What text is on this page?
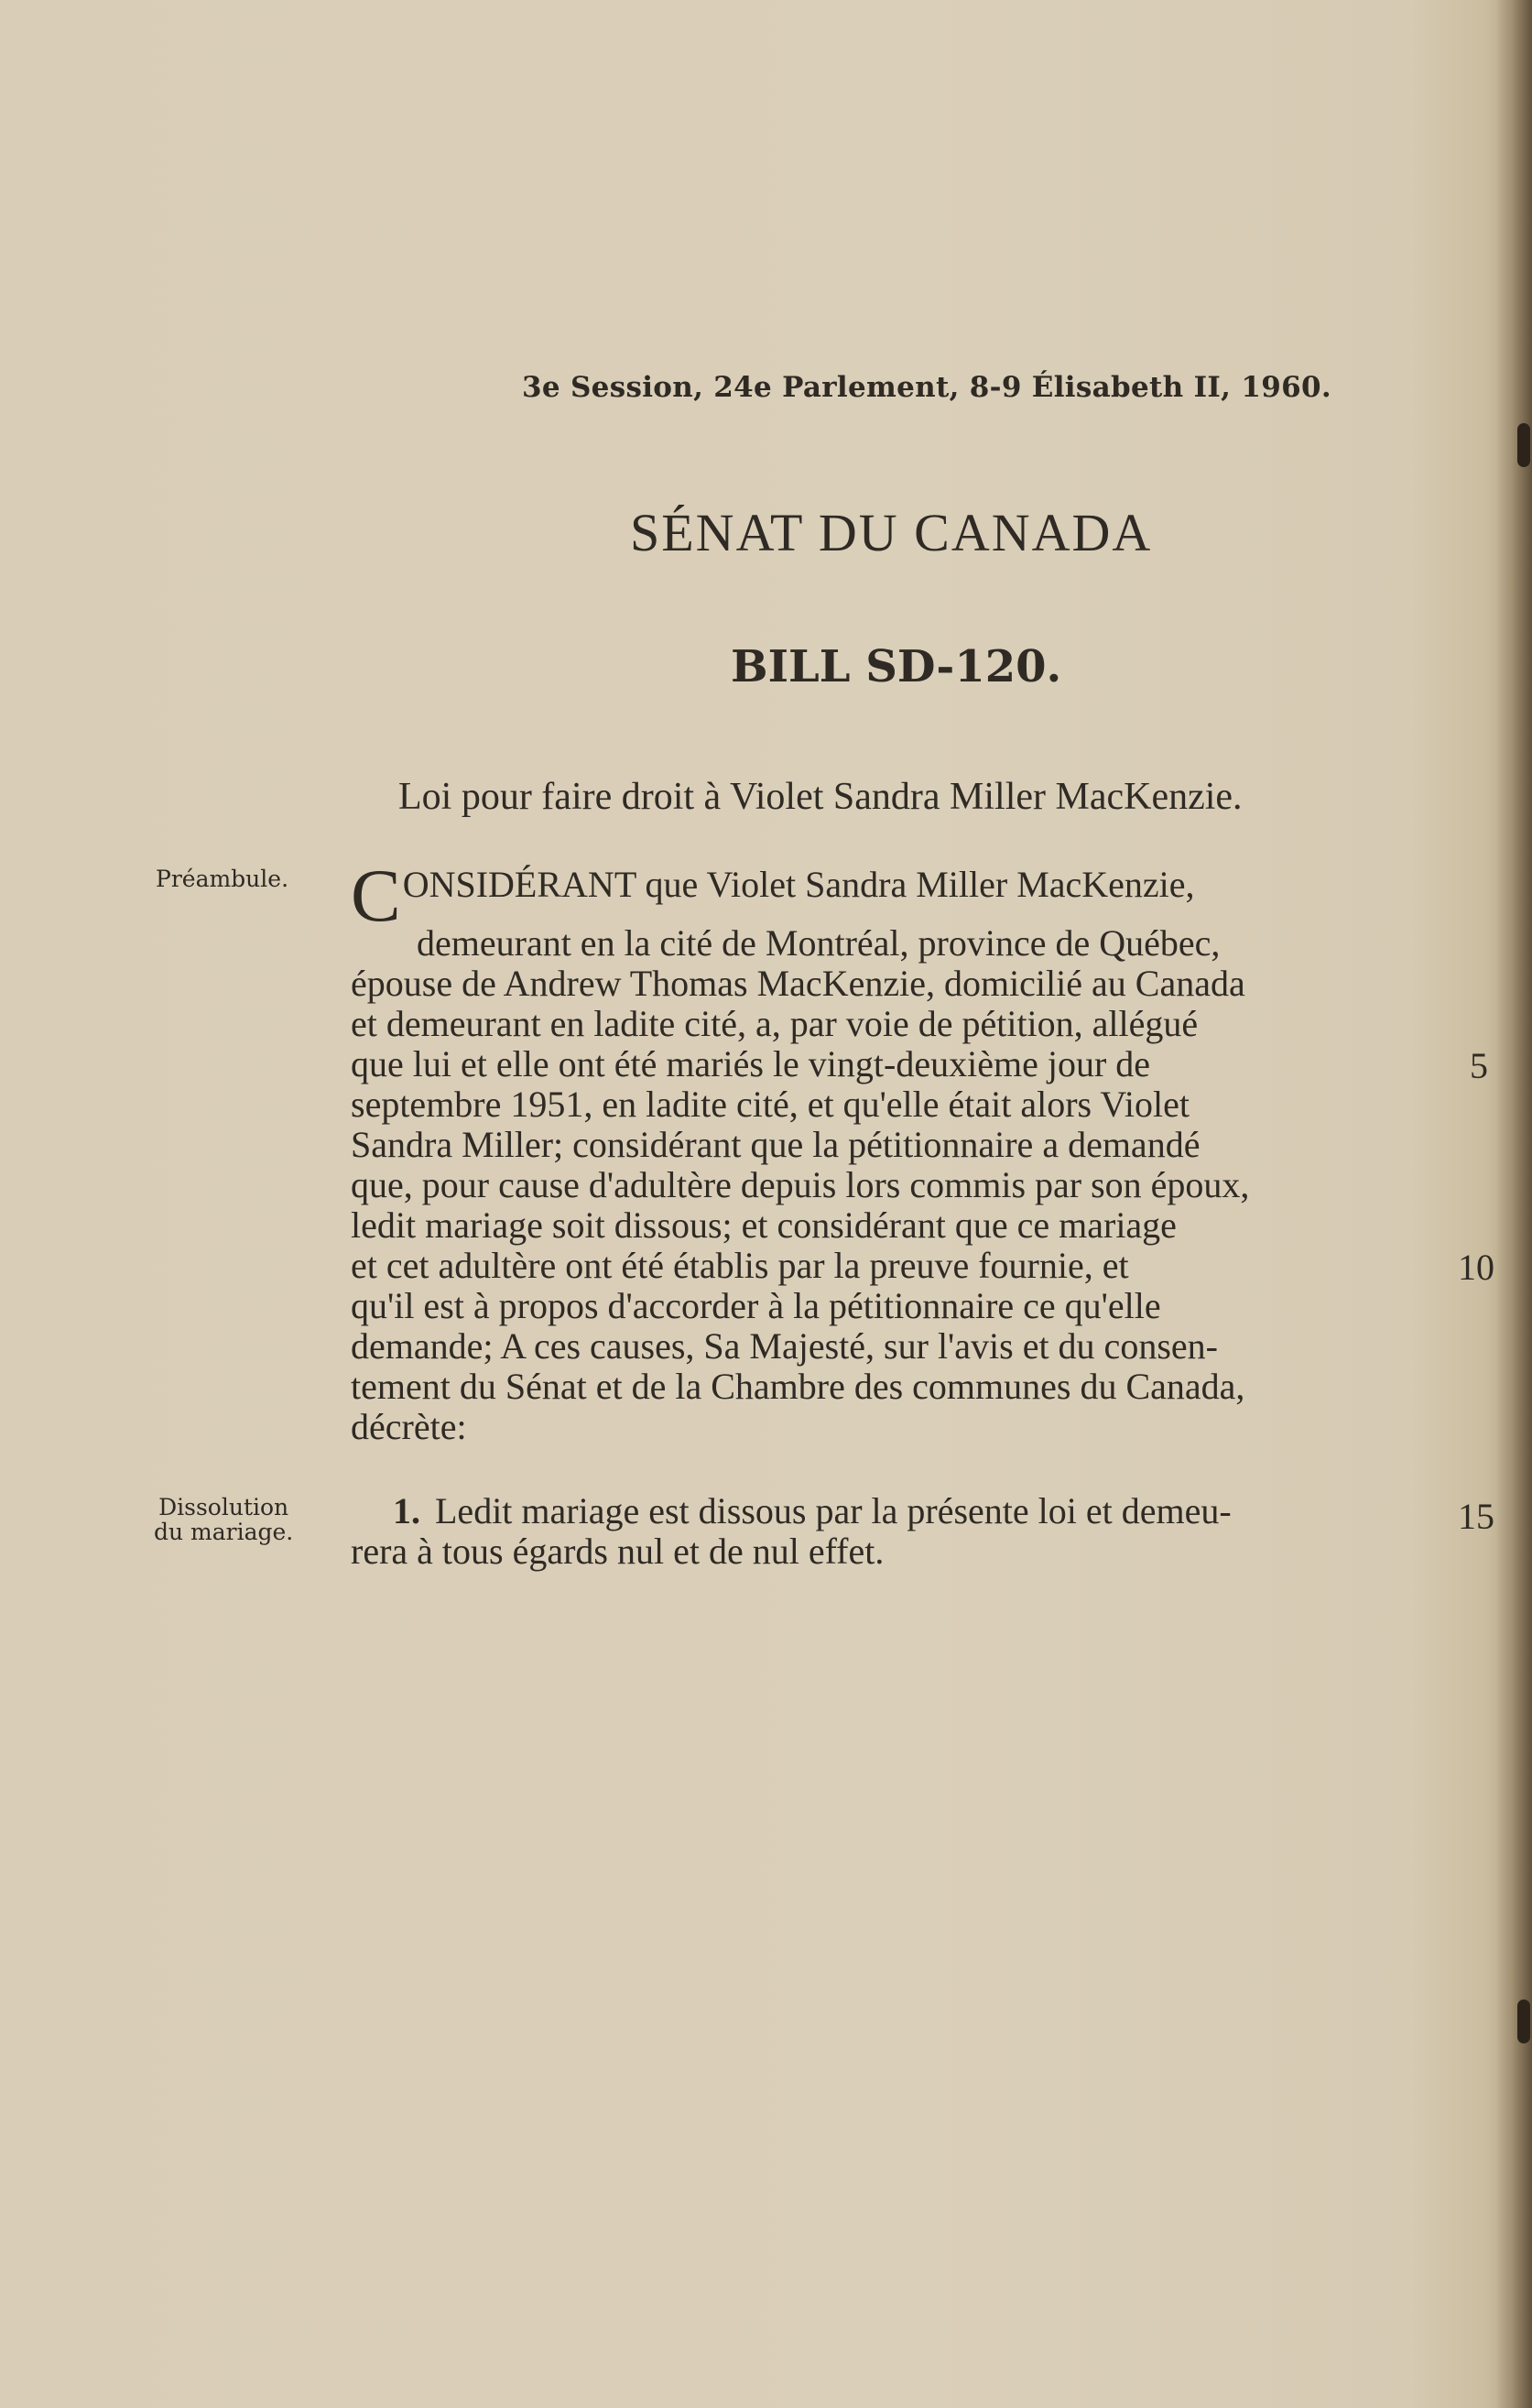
3e Session, 24e Parlement, 8-9 Élisabeth II, 1960.
SÉNAT DU CANADA
BILL SD-120.
Loi pour faire droit à Violet Sandra Miller MacKenzie.
Préambule.
Dissolution
du mariage.
CONSIDÉRANT que Violet Sandra Miller MacKenzie,
demeurant en la cité de Montréal, province de Québec,
épouse de Andrew Thomas MacKenzie, domicilié au Canada
et demeurant en ladite cité, a, par voie de pétition, allégué
que lui et elle ont été mariés le vingt-deuxième jour de
septembre 1951, en ladite cité, et qu'elle était alors Violet
Sandra Miller; considérant que la pétitionnaire a demandé
que, pour cause d'adultère depuis lors commis par son époux,
ledit mariage soit dissous; et considérant que ce mariage
et cet adultère ont été établis par la preuve fournie, et
qu'il est à propos d'accorder à la pétitionnaire ce qu'elle
demande; A ces causes, Sa Majesté, sur l'avis et du consen-
tement du Sénat et de la Chambre des communes du Canada,
décrète:
1. Ledit mariage est dissous par la présente loi et demeu-
rera à tous égards nul et de nul effet.
5
10
15
